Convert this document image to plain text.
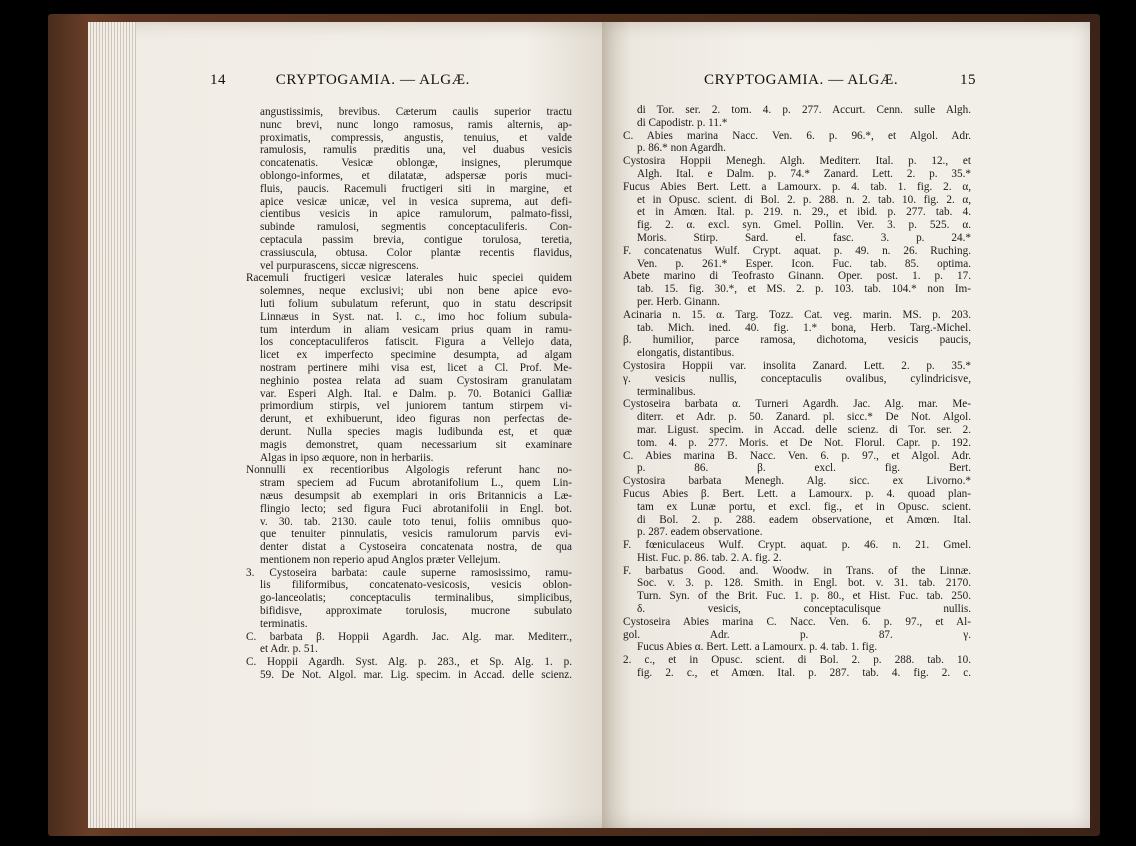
14	CRYPTOGAMIA. — ALGÆ.	CRYPTOGAMIA. — ALGÆ.	15
angustissimis, brevibus. Cæterum caulis superior tractu
nunc brevi, nunc longo ramosus, ramis alternis, ap-
proximatis, compressis, angustis, tenuius, et valde
ramulosis, ramulis præditis una, vel duabus vesicis
concatenatis. Vesicæ oblongæ, insignes, plerumque
oblongo-informes, et dilatatæ, adspersæ poris muci-
fluis, paucis. Racemuli fructigeri siti in margine, et
apice vesicæ unicæ, vel in vesica suprema, aut defi-
cientibus vesicis in apice ramulorum, palmato-fissi,
subinde ramulosi, segmentis conceptaculiferis. Con-
ceptacula passim brevia, contigue torulosa, teretia,
crassiuscula, obtusa. Color plantæ recentis flavidus,
vel purpurascens, siccæ nigrescens.
Racemuli fructigeri vesicæ laterales huic speciei quidem
solemnes, neque exclusivi; ubi non bene apice evo-
luti folium subulatum referunt, quo in statu descripsit
Linnæus in Syst. nat. l. c., imo hoc folium subula-
tum interdum in aliam vesicam prius quam in ramu-
los conceptaculiferos fatiscit. Figura a Vellejo data,
licet ex imperfecto specimine desumpta, ad algam
nostram pertinere mihi visa est, licet a Cl. Prof. Me-
neghinio postea relata ad suam Cystosiram granulatam
var. Esperi Algh. Ital. e Dalm. p. 70. Botanici Galliæ
primordium stirpis, vel juniorem tantum stirpem vi-
derunt, et exhibuerunt, ideo figuras non perfectas de-
derunt. Nulla species magis ludibunda est, et quæ
magis demonstret, quam necessarium sit examinare
Algas in ipso æquore, non in herbariis.
Nonnulli ex recentioribus Algologis referunt hanc no-
stram speciem ad Fucum abrotanifolium L., quem Lin-
næus desumpsit ab exemplari in oris Britannicis a Læ-
flingio lecto; sed figura Fuci abrotanifolii in Engl. bot.
v. 30. tab. 2130. caule toto tenui, foliis omnibus quo-
que tenuiter pinnulatis, vesicis ramulorum parvis evi-
denter distat a Cystoseira concatenata nostra, de qua
mentionem non reperio apud Anglos præter Vellejum.
3. Cystoseira barbata: caule superne ramosissimo, ramu-
lis filiformibus, concatenato-vesicosis, vesicis oblon-
go-lanceolatis; conceptaculis terminalibus, simplicibus,
bifidisve, approximate torulosis, mucrone subulato
terminatis.
C. barbata β. Hoppii Agardh. Jac. Alg. mar. Mediterr.,
et Adr. p. 51.
C. Hoppii Agardh. Syst. Alg. p. 283., et Sp. Alg. 1. p.
59. De Not. Algol. mar. Lig. specim. in Accad. delle scienz.
di Tor. ser. 2. tom. 4. p. 277. Accurt. Cenn. sulle Algh.
di Capodistr. p. 11.*
C. Abies marina Nacc. Ven. 6. p. 96.*, et Algol. Adr.
p. 86.* non Agardh.
Cystosira Hoppii Menegh. Algh. Mediterr. Ital. p. 12., et
Algh. Ital. e Dalm. p. 74.* Zanard. Lett. 2. p. 35.*
Fucus Abies Bert. Lett. a Lamourx. p. 4. tab. 1. fig. 2. α,
et in Opusc. scient. di Bol. 2. p. 288. n. 2. tab. 10. fig. 2. α,
et in Amœn. Ital. p. 219. n. 29., et ibid. p. 277. tab. 4.
fig. 2. α. excl. syn. Gmel. Pollin. Ver. 3. p. 525. α.
Moris. Stirp. Sard. el. fasc. 3. p. 24.*
F. concatenatus Wulf. Crypt. aquat. p. 49. n. 26. Ruching.
Ven. p. 261.* Esper. Icon. Fuc. tab. 85. optima.
Abete marino di Teofrasto Ginann. Oper. post. 1. p. 17.
tab. 15. fig. 30.*, et MS. 2. p. 103. tab. 104.* non Im-
per. Herb. Ginann.
Acinaria n. 15. α. Targ. Tozz. Cat. veg. marin. MS. p. 203.
tab. Mich. ined. 40. fig. 1.* bona, Herb. Targ.-Michel.
β. humilior, parce ramosa, dichotoma, vesicis paucis,
elongatis, distantibus.
Cystosira Hoppii var. insolita Zanard. Lett. 2. p. 35.*
γ. vesicis nullis, conceptaculis ovalibus, cylindricisve,
terminalibus.
Cystoseira barbata α. Turneri Agardh. Jac. Alg. mar. Me-
diterr. et Adr. p. 50. Zanard. pl. sicc.* De Not. Algol.
mar. Ligust. specim. in Accad. delle scienz. di Tor. ser. 2.
tom. 4. p. 277. Moris. et De Not. Florul. Capr. p. 192.
C. Abies marina B. Nacc. Ven. 6. p. 97., et Algol. Adr.
p. 86. β. excl. fig. Bert.
Cystosira barbata Menegh. Alg. sicc. ex Livorno.*
Fucus Abies β. Bert. Lett. a Lamourx. p. 4. quoad plan-
tam ex Lunæ portu, et excl. fig., et in Opusc. scient.
di Bol. 2. p. 288. eadem observatione, et Amœn. Ital.
p. 287. eadem observatione.
F. fœniculaceus Wulf. Crypt. aquat. p. 46. n. 21. Gmel.
Hist. Fuc. p. 86. tab. 2. A. fig. 2.
F. barbatus Good. and. Woodw. in Trans. of the Linnæ.
Soc. v. 3. p. 128. Smith. in Engl. bot. v. 31. tab. 2170.
Turn. Syn. of the Brit. Fuc. 1. p. 80., et Hist. Fuc. tab. 250.
δ. vesicis, conceptaculisque nullis.
Cystoseira Abies marina C. Nacc. Ven. 6. p. 97., et Al-
gol. Adr. p. 87. γ.
Fucus Abies α. Bert. Lett. a Lamourx. p. 4. tab. 1. fig.
2. c., et in Opusc. scient. di Bol. 2. p. 288. tab. 10.
fig. 2. c., et Amœn. Ital. p. 287. tab. 4. fig. 2. c.
